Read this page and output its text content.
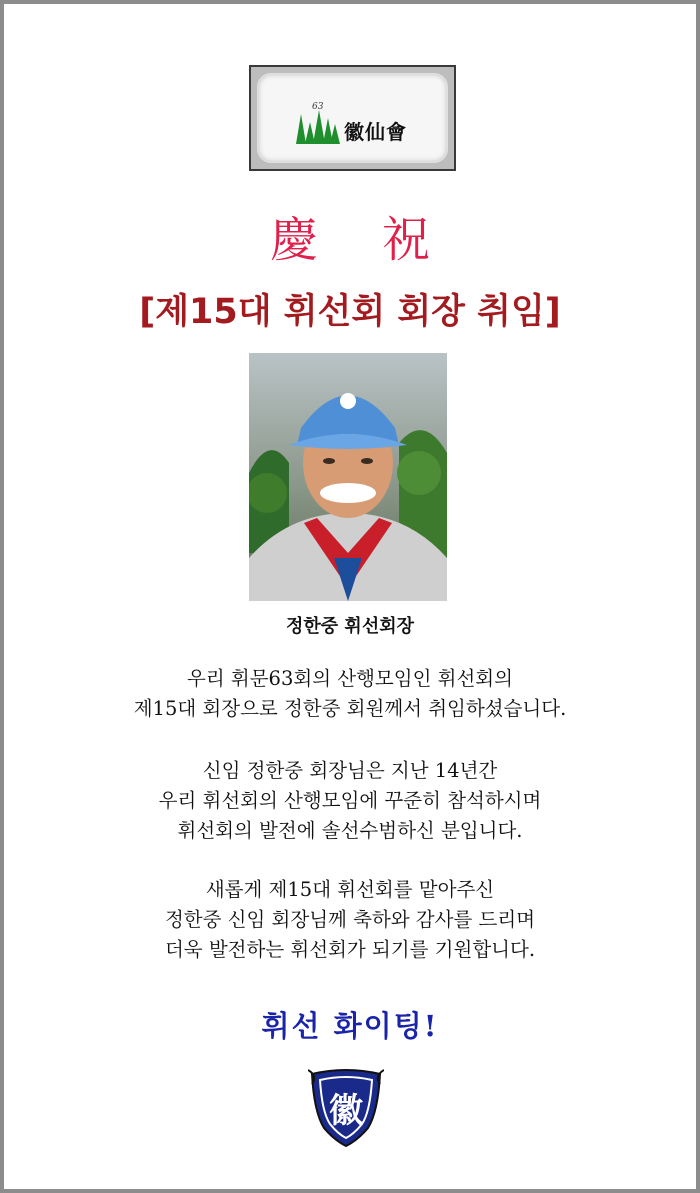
63
徽仙會
慶祝
[제15대 휘선회 회장 취임]
정한중 휘선회장
우리 휘문63회의 산행모임인 휘선회의
제15대 회장으로 정한중 회원께서 취임하셨습니다.
신임 정한중 회장님은 지난 14년간
우리 휘선회의 산행모임에 꾸준히 참석하시며
휘선회의 발전에 솔선수범하신 분입니다.
새롭게 제15대 휘선회를 맡아주신
정한중 신임 회장님께 축하와 감사를 드리며
더욱 발전하는 휘선회가 되기를 기원합니다.
휘선 화이팅!
徽
